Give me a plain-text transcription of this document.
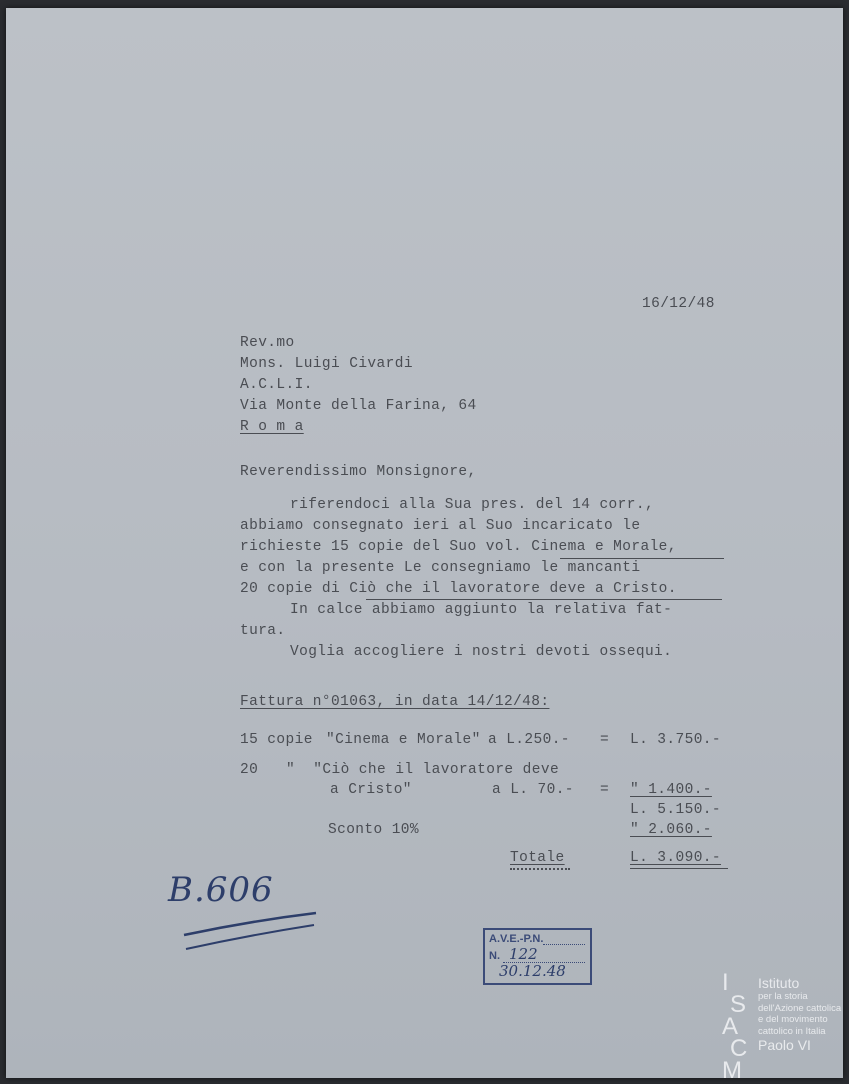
16/12/48
Rev.mo
Mons. Luigi Civardi
A.C.L.I.
Via Monte della Farina, 64
R o m a
Reverendissimo Monsignore,
riferendoci alla Sua pres. del 14 corr.,
abbiamo consegnato ieri al Suo incaricato le
richieste 15 copie del Suo vol. Cinema e Morale,
e con la presente Le consegniamo le mancanti
20 copie di Ciò che il lavoratore deve a Cristo.
In calce abbiamo aggiunto la relativa fat-
tura.
Voglia accogliere i nostri devoti ossequi.
Fattura n°01063, in data 14/12/48:
15 copie "Cinema e Morale" a L.250.- = L. 3.750.-
20 "  "Ciò che il lavoratore deve
a Cristo"	a L. 70.- = " 1.400.-
L. 5.150.-
Sconto 10%	" 2.060.-
Totale	L. 3.090.-
B.606
A.V.E.-P.N.
N. 122
30.12.48	I
S
A
C
M
Istituto
per la storia
dell'Azione cattolica
e del movimento
cattolico in Italia
Paolo VI
